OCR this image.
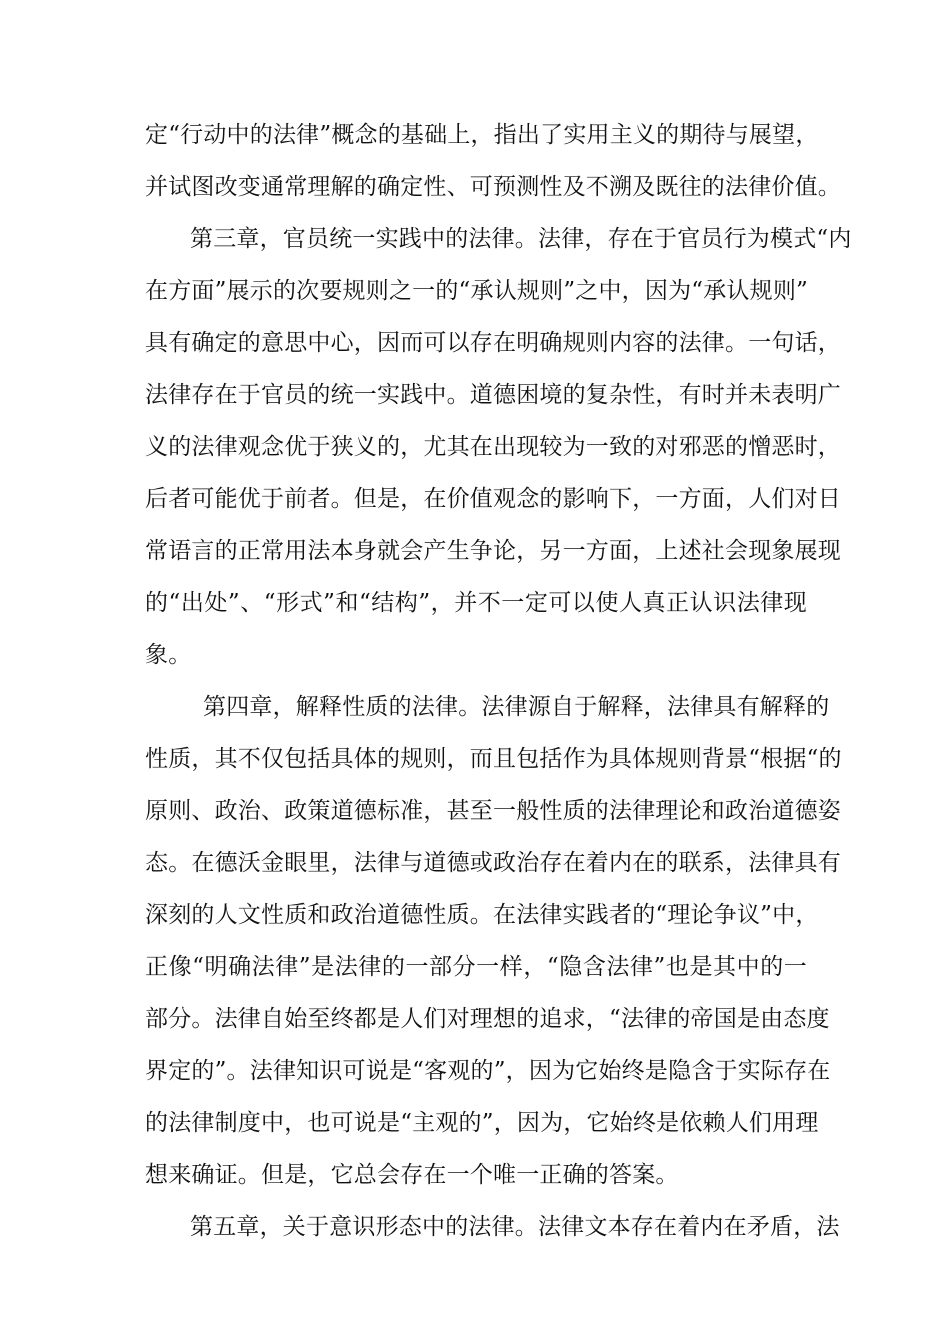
定“行动中的法律”概念的基础上，指出了实用主义的期待与展望，
并试图改变通常理解的确定性、可预测性及不溯及既往的法律价值。
第三章，官员统一实践中的法律。法律，存在于官员行为模式“内
在方面”展示的次要规则之一的“承认规则”之中，因为“承认规则”
具有确定的意思中心，因而可以存在明确规则内容的法律。一句话，
法律存在于官员的统一实践中。道德困境的复杂性，有时并未表明广
义的法律观念优于狭义的，尤其在出现较为一致的对邪恶的憎恶时，
后者可能优于前者。但是，在价值观念的影响下，一方面，人们对日
常语言的正常用法本身就会产生争论，另一方面，上述社会现象展现
的“出处”、“形式”和“结构”，并不一定可以使人真正认识法律现
象。
第四章，解释性质的法律。法律源自于解释，法律具有解释的
性质，其不仅包括具体的规则，而且包括作为具体规则背景“根据“的
原则、政治、政策道德标准，甚至一般性质的法律理论和政治道德姿
态。在德沃金眼里，法律与道德或政治存在着内在的联系，法律具有
深刻的人文性质和政治道德性质。在法律实践者的“理论争议”中，
正像“明确法律”是法律的一部分一样，“隐含法律”也是其中的一
部分。法律自始至终都是人们对理想的追求，“法律的帝国是由态度
界定的”。法律知识可说是“客观的”，因为它始终是隐含于实际存在
的法律制度中，也可说是“主观的”，因为，它始终是依赖人们用理
想来确证。但是，它总会存在一个唯一正确的答案。
第五章，关于意识形态中的法律。法律文本存在着内在矛盾，法
